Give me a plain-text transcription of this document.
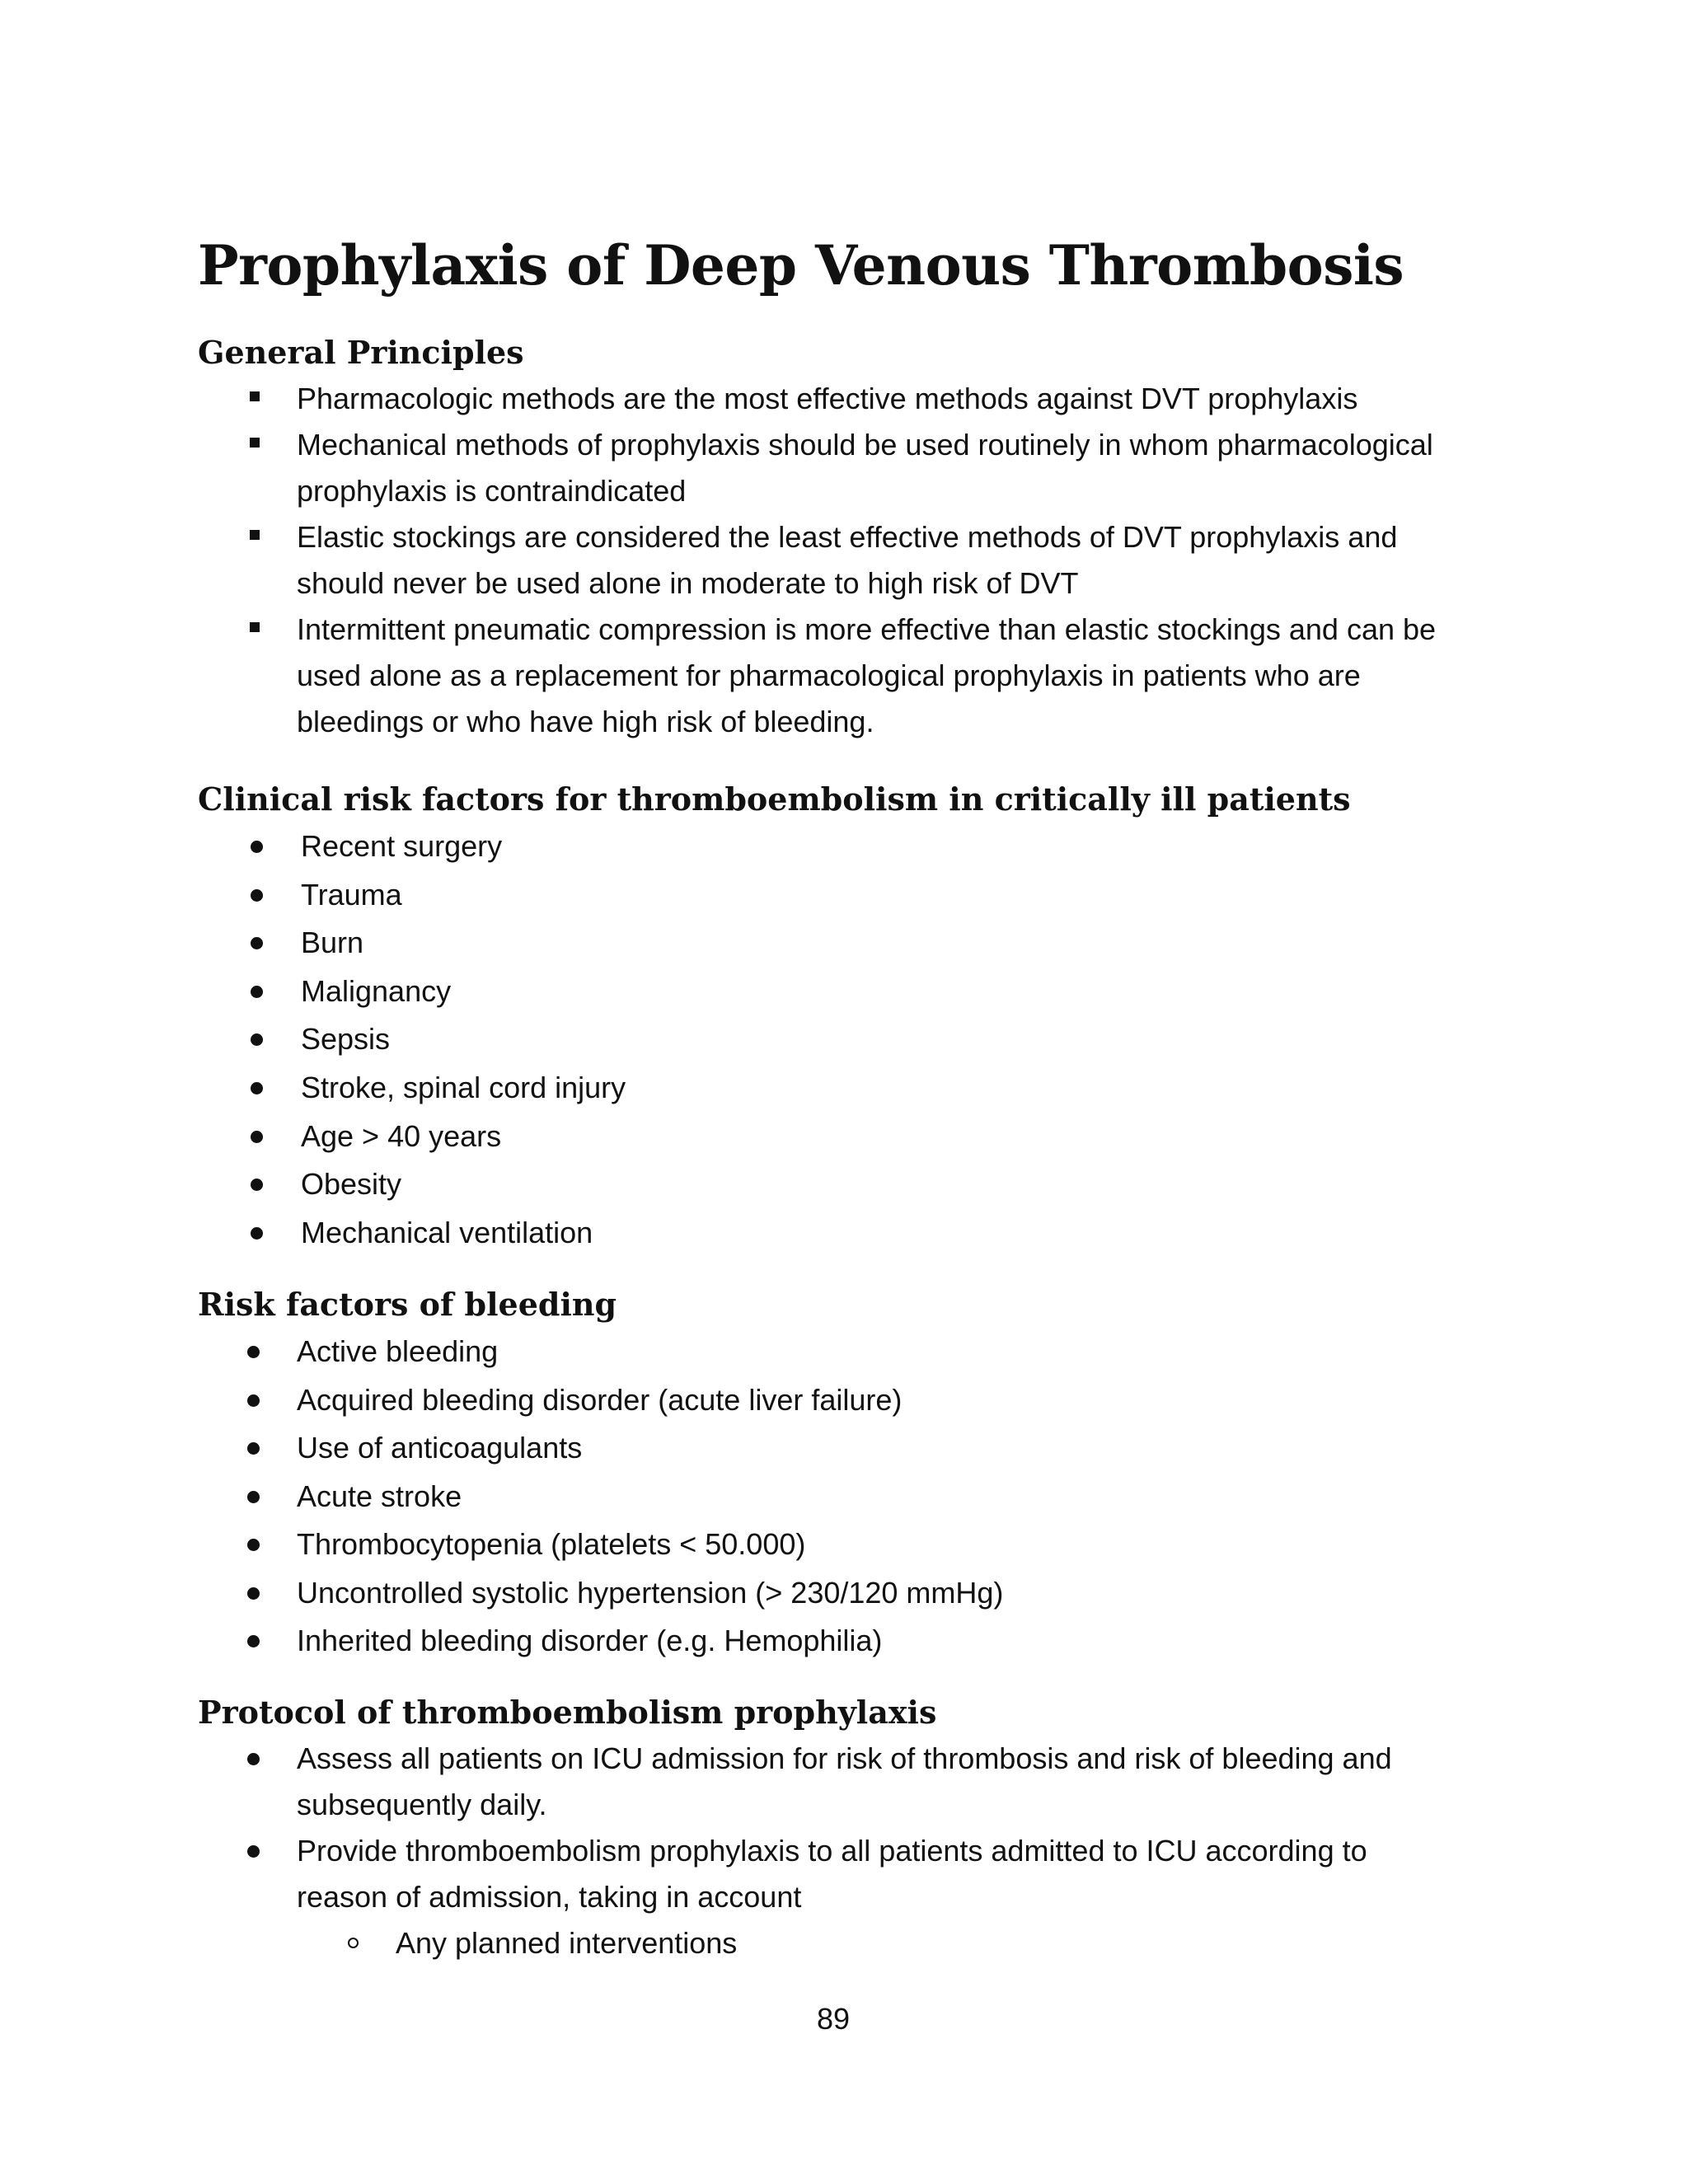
Prophylaxis of Deep Venous Thrombosis
General Principles
Pharmacologic methods are the most effective methods against DVT prophylaxis
Mechanical methods of prophylaxis should be used routinely in whom pharmacological
prophylaxis is contraindicated
Elastic stockings are considered the least effective methods of DVT prophylaxis and
should never be used alone in moderate to high risk of DVT
Intermittent pneumatic compression is more effective than elastic stockings and can be
used alone as a replacement for pharmacological prophylaxis in patients who are
bleedings or who have high risk of bleeding.
Clinical risk factors for thromboembolism in critically ill patients
Recent surgery
Trauma
Burn
Malignancy
Sepsis
Stroke, spinal cord injury
Age > 40 years
Obesity
Mechanical ventilation
Risk factors of bleeding
Active bleeding
Acquired bleeding disorder (acute liver failure)
Use of anticoagulants
Acute stroke
Thrombocytopenia (platelets < 50.000)
Uncontrolled systolic hypertension (> 230/120 mmHg)
Inherited bleeding disorder (e.g. Hemophilia)
Protocol of thromboembolism prophylaxis
Assess all patients on ICU admission for risk of thrombosis and risk of bleeding and
subsequently daily.
Provide thromboembolism prophylaxis to all patients admitted to ICU according to
reason of admission, taking in account
Any planned interventions
89
